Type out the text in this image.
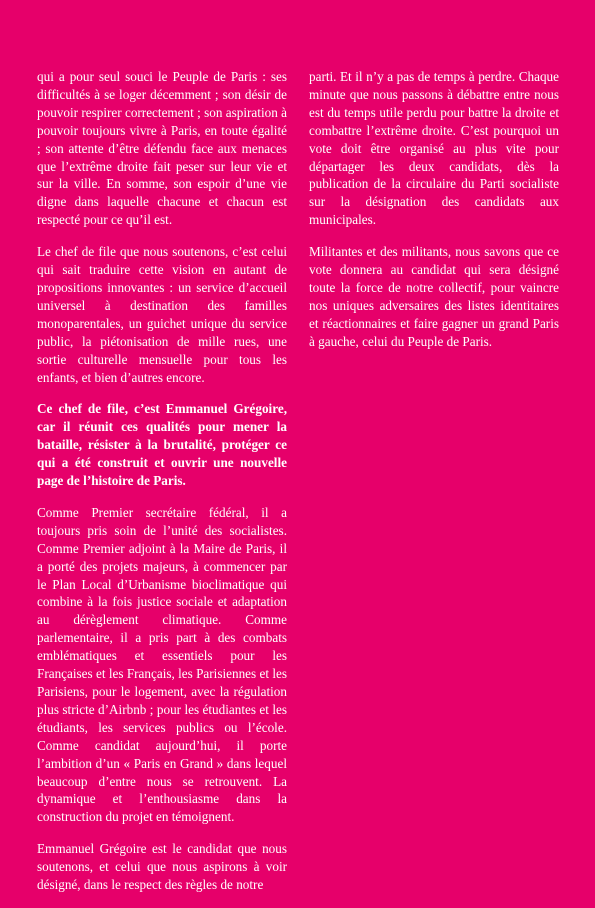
qui a pour seul souci le Peuple de Paris : ses difficultés à se loger décemment ; son désir de pouvoir respirer correctement ; son aspiration à pouvoir toujours vivre à Paris, en toute égalité ; son attente d’être défendu face aux menaces que l’extrême droite fait peser sur leur vie et sur la ville. En somme, son espoir d’une vie digne dans laquelle chacune et chacun est respecté pour ce qu’il est.

Le chef de file que nous soutenons, c’est celui qui sait traduire cette vision en autant de propositions innovantes : un service d’accueil universel à destination des familles monoparentales, un guichet unique du service public, la piétonisation de mille rues, une sortie culturelle mensuelle pour tous les enfants, et bien d’autres encore.

Ce chef de file, c’est Emmanuel Grégoire, car il réunit ces qualités pour mener la bataille, résister à la brutalité, protéger ce qui a été construit et ouvrir une nouvelle page de l’histoire de Paris.

Comme Premier secrétaire fédéral, il a toujours pris soin de l’unité des socialistes. Comme Premier adjoint à la Maire de Paris, il a porté des projets majeurs, à commencer par le Plan Local d’Urbanisme bioclimatique qui combine à la fois justice sociale et adaptation au dérèglement climatique. Comme parlementaire, il a pris part à des combats emblématiques et essentiels pour les Françaises et les Français, les Parisiennes et les Parisiens, pour le logement, avec la régulation plus stricte d’Airbnb ; pour les étudiantes et les étudiants, les services publics ou l’école. Comme candidat aujourd’hui, il porte l’ambition d’un « Paris en Grand » dans lequel beaucoup d’entre nous se retrouvent. La dynamique et l’enthousiasme dans la construction du projet en témoignent.

Emmanuel Grégoire est le candidat que nous soutenons, et celui que nous aspirons à voir désigné, dans le respect des règles de notre

parti. Et il n’y a pas de temps à perdre. Chaque minute que nous passons à débattre entre nous est du temps utile perdu pour battre la droite et combattre l’extrême droite. C’est pourquoi un vote doit être organisé au plus vite pour départager les deux candidats, dès la publication de la circulaire du Parti socialiste sur la désignation des candidats aux municipales.

Militantes et des militants, nous savons que ce vote donnera au candidat qui sera désigné toute la force de notre collectif, pour vaincre nos uniques adversaires des listes identitaires et réactionnaires et faire gagner un grand Paris à gauche, celui du Peuple de Paris.
